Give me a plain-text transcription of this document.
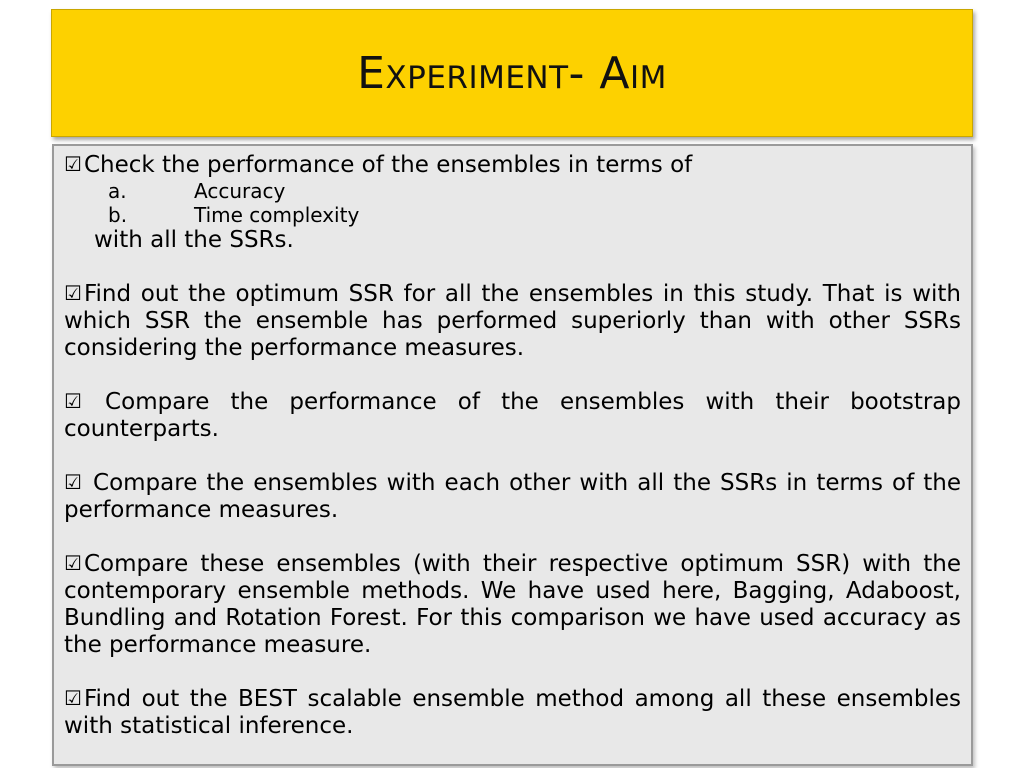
Experiment- Aim
☑Check the performance of the ensembles in terms of
a.	Accuracy
b.	Time complexity
with all the SSRs.
☑Find out the optimum SSR for all the ensembles in this study. That is with which SSR the ensemble has performed superiorly than with other SSRs considering the performance measures.
☑ Compare the performance of the ensembles with their bootstrap counterparts.
☑ Compare the ensembles with each other with all the SSRs in terms of the performance measures.
☑Compare these ensembles (with their respective optimum SSR) with the contemporary ensemble methods. We have used here, Bagging, Adaboost, Bundling and Rotation Forest. For this comparison we have used accuracy as the performance measure.
☑Find out the BEST scalable ensemble method among all these ensembles with statistical inference.
